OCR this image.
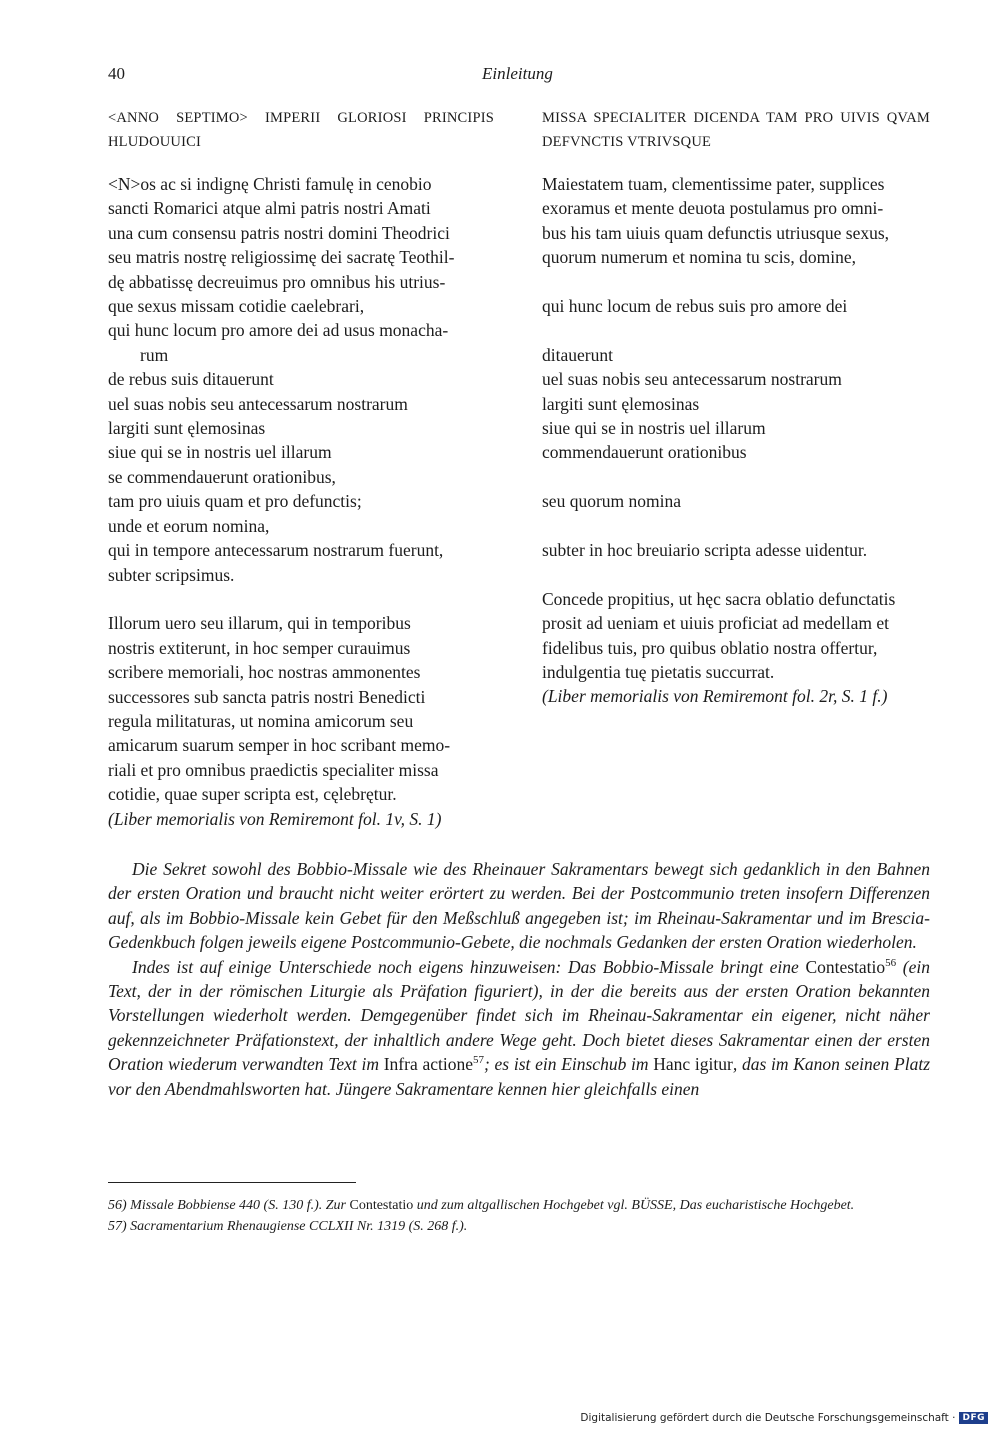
40	Einleitung
<ANNO SEPTIMO> IMPERII GLORIOSI PRINCIPIS HLUDOUUICI
<N>os ac si indignę Christi famulę in cenobio
sancti Romarici atque almi patris nostri Amati
una cum consensu patris nostri domini Theodrici
seu matris nostrę religiossimę dei sacratę Teothil-
dę abbatissę decreuimus pro omnibus his utrius-
que sexus missam cotidie caelebrari,
qui hunc locum pro amore dei ad usus monacha-
rum
de rebus suis ditauerunt
uel suas nobis seu antecessarum nostrarum
largiti sunt ęlemosinas
siue qui se in nostris uel illarum
se commendauerunt orationibus,
tam pro uiuis quam et pro defunctis;
unde et eorum nomina,
qui in tempore antecessarum nostrarum fuerunt,
subter scripsimus.
Illorum uero seu illarum, qui in temporibus
nostris extiterunt, in hoc semper curauimus
scribere memoriali, hoc nostras ammonentes
successores sub sancta patris nostri Benedicti
regula militaturas, ut nomina amicorum seu
amicarum suarum semper in hoc scribant memo-
riali et pro omnibus praedictis specialiter missa
cotidie, quae super scripta est, cęlebrętur.
(Liber memorialis von Remiremont fol. 1v, S. 1)
MISSA SPECIALITER DICENDA TAM PRO UIVIS QVAM DEFVNCTIS VTRIVSQUE
Maiestatem tuam, clementissime pater, supplices
exoramus et mente deuota postulamus pro omni-
bus his tam uiuis quam defunctis utriusque sexus,
quorum numerum et nomina tu scis, domine,
qui hunc locum de rebus suis pro amore dei
ditauerunt
uel suas nobis seu antecessarum nostrarum
largiti sunt ęlemosinas
siue qui se in nostris uel illarum
commendauerunt orationibus
seu quorum nomina
subter in hoc breuiario scripta adesse uidentur.
Concede propitius, ut hęc sacra oblatio defunctatis
prosit ad ueniam et uiuis proficiat ad medellam et
fidelibus tuis, pro quibus oblatio nostra offertur,
indulgentia tuę pietatis succurrat.
(Liber memorialis von Remiremont fol. 2r, S. 1 f.)

Die Sekret sowohl des Bobbio-Missale wie des Rheinauer Sakramentars bewegt sich gedanklich in den Bahnen der ersten Oration und braucht nicht weiter erörtert zu werden. Bei der Postcommunio treten insofern Differenzen auf, als im Bobbio-Missale kein Gebet für den Meßschluß angegeben ist; im Rheinau-Sakramentar und im Brescia-Gedenkbuch folgen jeweils eigene Postcommunio-Gebete, die nochmals Gedanken der ersten Oration wiederholen.

Indes ist auf einige Unterschiede noch eigens hinzuweisen: Das Bobbio-Missale bringt eine Contestatio$^{56}$ (ein Text, der in der römischen Liturgie als Präfation figuriert), in der die bereits aus der ersten Oration bekannten Vorstellungen wiederholt werden. Demgegenüber findet sich im Rheinau-Sakramentar ein eigener, nicht näher gekennzeichneter Präfationstext, der inhaltlich andere Wege geht. Doch bietet dieses Sakramentar einen der ersten Oration wiederum verwandten Text im Infra actione$^{57}$; es ist ein Einschub im Hanc igitur, das im Kanon seinen Platz vor den Abendmahlsworten hat. Jüngere Sakramentare kennen hier gleichfalls einen

56) Missale Bobbiense 440 (S. 130 f.). Zur Contestatio und zum altgallischen Hochgebet vgl. BÜSSE, Das eucharistische Hochgebet.

57) Sacramentarium Rhenaugiense CCLXII Nr. 1319 (S. 268 f.).

Digitalisierung gefördert durch die Deutsche Forschungsgemeinschaft · DFG
